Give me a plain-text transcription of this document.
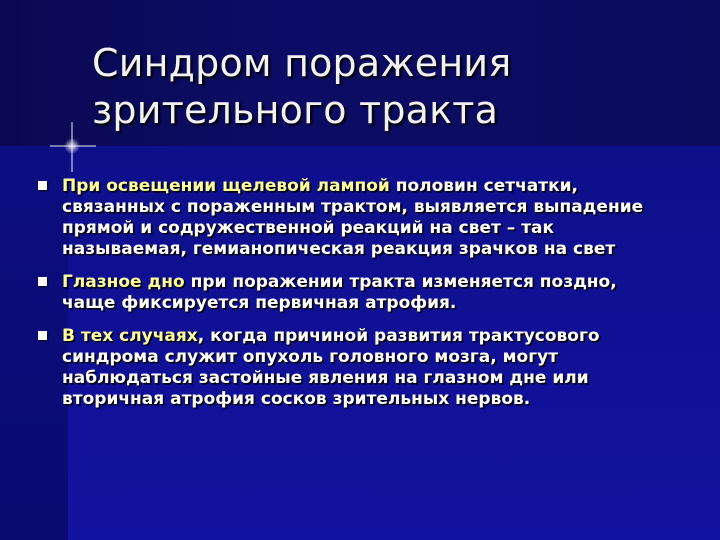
Синдром поражения
зрительного тракта
При освещении щелевой лампой половин сетчатки, связанных с пораженным трактом, выявляется выпадение прямой и содружественной реакций на свет – так называемая, гемианопическая реакция зрачков на свет
Глазное дно при поражении тракта изменяется поздно, чаще фиксируется первичная атрофия.
В тех случаях, когда причиной развития трактусового синдрома служит опухоль головного мозга, могут наблюдаться застойные явления на глазном дне или вторичная атрофия сосков зрительных нервов.
